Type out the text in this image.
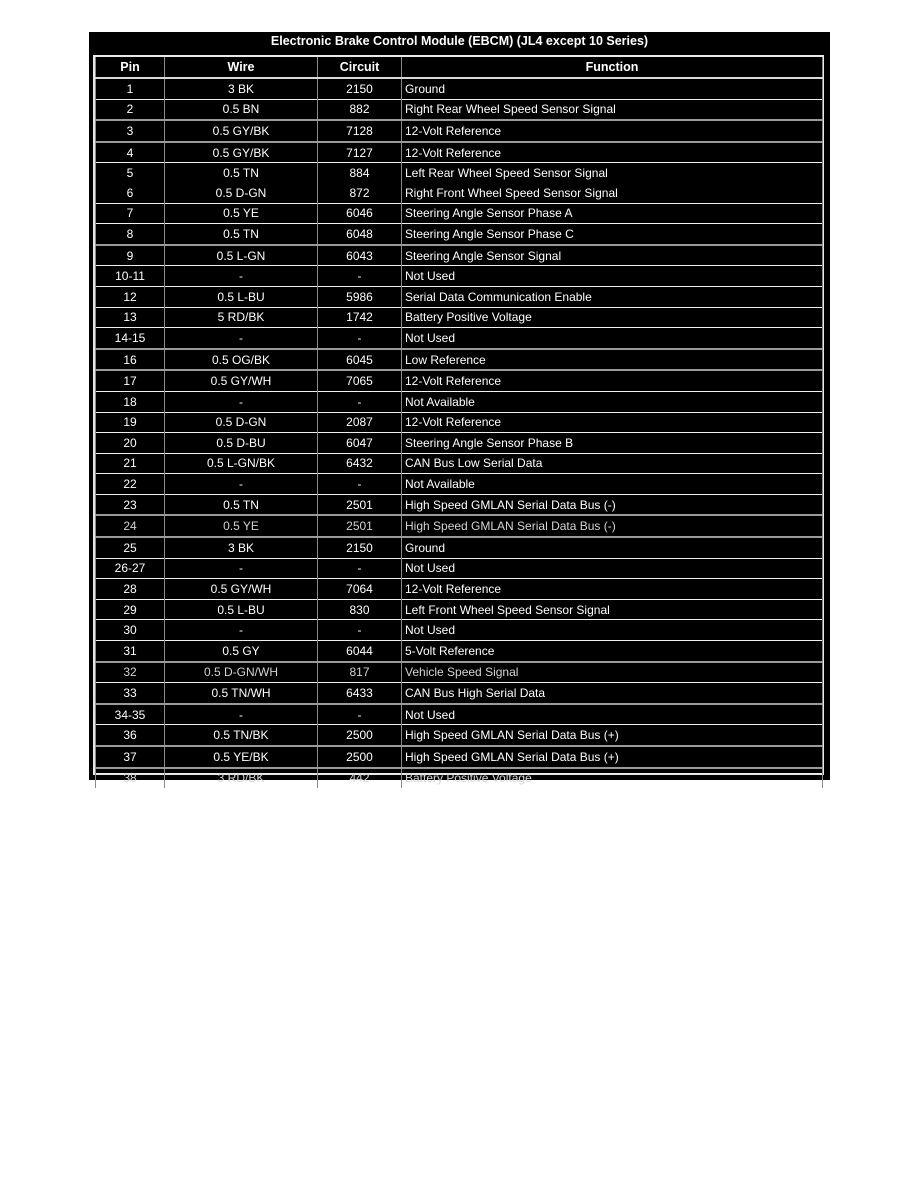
Electronic Brake Control Module (EBCM) (JL4 except 10 Series)
Pin	Wire	Circuit	Function
1	3 BK	2150	Ground
2	0.5 BN	882	Right Rear Wheel Speed Sensor Signal
3	0.5 GY/BK	7128	12-Volt Reference
4	0.5 GY/BK	7127	12-Volt Reference
5	0.5 TN	884	Left Rear Wheel Speed Sensor Signal
6	0.5 D-GN	872	Right Front Wheel Speed Sensor Signal
7	0.5 YE	6046	Steering Angle Sensor Phase A
8	0.5 TN	6048	Steering Angle Sensor Phase C
9	0.5 L-GN	6043	Steering Angle Sensor Signal
10-11	-	-	Not Used
12	0.5 L-BU	5986	Serial Data Communication Enable
13	5 RD/BK	1742	Battery Positive Voltage
14-15	-	-	Not Used
16	0.5 OG/BK	6045	Low Reference
17	0.5 GY/WH	7065	12-Volt Reference
18	-	-	Not Available
19	0.5 D-GN	2087	12-Volt Reference
20	0.5 D-BU	6047	Steering Angle Sensor Phase B
21	0.5 L-GN/BK	6432	CAN Bus Low Serial Data
22	-	-	Not Available
23	0.5 TN	2501	High Speed GMLAN Serial Data Bus (-)
24	0.5 YE	2501	High Speed GMLAN Serial Data Bus (-)
25	3 BK	2150	Ground
26-27	-	-	Not Used
28	0.5 GY/WH	7064	12-Volt Reference
29	0.5 L-BU	830	Left Front Wheel Speed Sensor Signal
30	-	-	Not Used
31	0.5 GY	6044	5-Volt Reference
32	0.5 D-GN/WH	817	Vehicle Speed Signal
33	0.5 TN/WH	6433	CAN Bus High Serial Data
34-35	-	-	Not Used
36	0.5 TN/BK	2500	High Speed GMLAN Serial Data Bus (+)
37	0.5 YE/BK	2500	High Speed GMLAN Serial Data Bus (+)
38	3 RD/BK	442	Battery Positive Voltage
